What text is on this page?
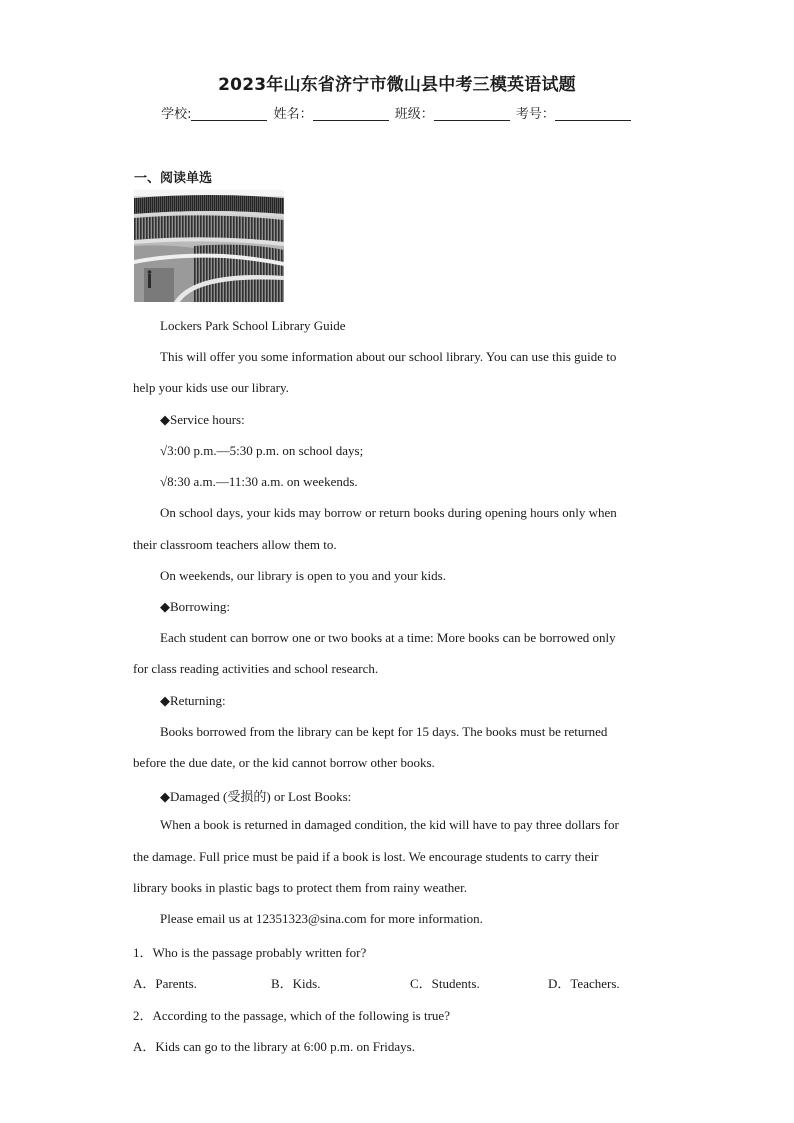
2023年山东省济宁市微山县中考三模英语试题
学校:	姓名：	班级：	考号：
一、阅读单选
Lockers Park School Library Guide
This will offer you some information about our school library. You can use this guide to
help your kids use our library.
◆Service hours:
√3:00 p.m.—5:30 p.m. on school days;
√8:30 a.m.—11:30 a.m. on weekends.
On school days, your kids may borrow or return books during opening hours only when
their classroom teachers allow them to.
On weekends, our library is open to you and your kids.
◆Borrowing:
Each student can borrow one or two books at a time: More books can be borrowed only
for class reading activities and school research.
◆Returning:
Books borrowed from the library can be kept for 15 days. The books must be returned
before the due date, or the kid cannot borrow other books.
◆Damaged (受损的) or Lost Books:
When a book is returned in damaged condition, the kid will have to pay three dollars for
the damage. Full price must be paid if a book is lost. We encourage students to carry their
library books in plastic bags to protect them from rainy weather.
Please email us at 12351323@sina.com for more information.
1．Who is the passage probably written for?
A．Parents.	B．Kids.	C．Students.	D．Teachers.
2．According to the passage, which of the following is true?
A．Kids can go to the library at 6:00 p.m. on Fridays.
